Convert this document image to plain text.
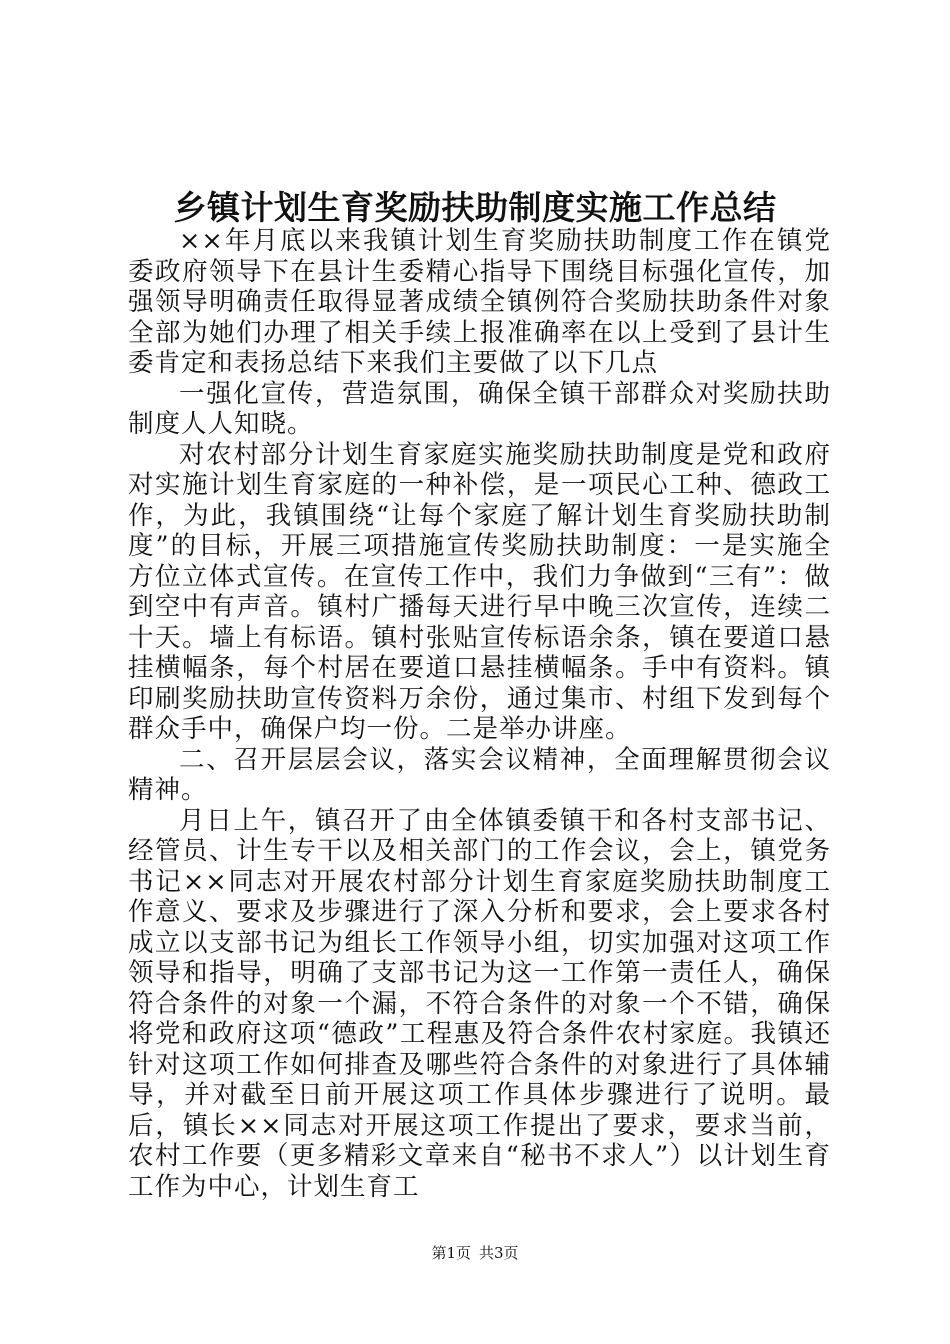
乡镇计划生育奖励扶助制度实施工作总结

××年月底以来我镇计划生育奖励扶助制度工作在镇党委政府领导下在县计生委精心指导下围绕目标强化宣传，加强领导明确责任取得显著成绩全镇例符合奖励扶助条件对象全部为她们办理了相关手续上报准确率在以上受到了县计生委肯定和表扬总结下来我们主要做了以下几点

一强化宣传，营造氛围，确保全镇干部群众对奖励扶助制度人人知晓。

对农村部分计划生育家庭实施奖励扶助制度是党和政府对实施计划生育家庭的一种补偿，是一项民心工种、德政工作，为此，我镇围绕“让每个家庭了解计划生育奖励扶助制度”的目标，开展三项措施宣传奖励扶助制度：一是实施全方位立体式宣传。在宣传工作中，我们力争做到“三有”：做到空中有声音。镇村广播每天进行早中晚三次宣传，连续二十天。墙上有标语。镇村张贴宣传标语余条，镇在要道口悬挂横幅条，每个村居在要道口悬挂横幅条。手中有资料。镇印刷奖励扶助宣传资料万余份，通过集市、村组下发到每个群众手中，确保户均一份。二是举办讲座。

二、召开层层会议，落实会议精神，全面理解贯彻会议精神。

月日上午，镇召开了由全体镇委镇干和各村支部书记、经管员、计生专干以及相关部门的工作会议，会上，镇党务书记××同志对开展农村部分计划生育家庭奖励扶助制度工作意义、要求及步骤进行了深入分析和要求，会上要求各村成立以支部书记为组长工作领导小组，切实加强对这项工作领导和指导，明确了支部书记为这一工作第一责任人，确保符合条件的对象一个漏，不符合条件的对象一个不错，确保将党和政府这项“德政”工程惠及符合条件农村家庭。我镇还针对这项工作如何排查及哪些符合条件的对象进行了具体辅导，并对截至日前开展这项工作具体步骤进行了说明。最后，镇长××同志对开展这项工作提出了要求，要求当前，农村工作要（更多精彩文章来自“秘书不求人”）以计划生育工作为中心，计划生育工

第1页 共3页
